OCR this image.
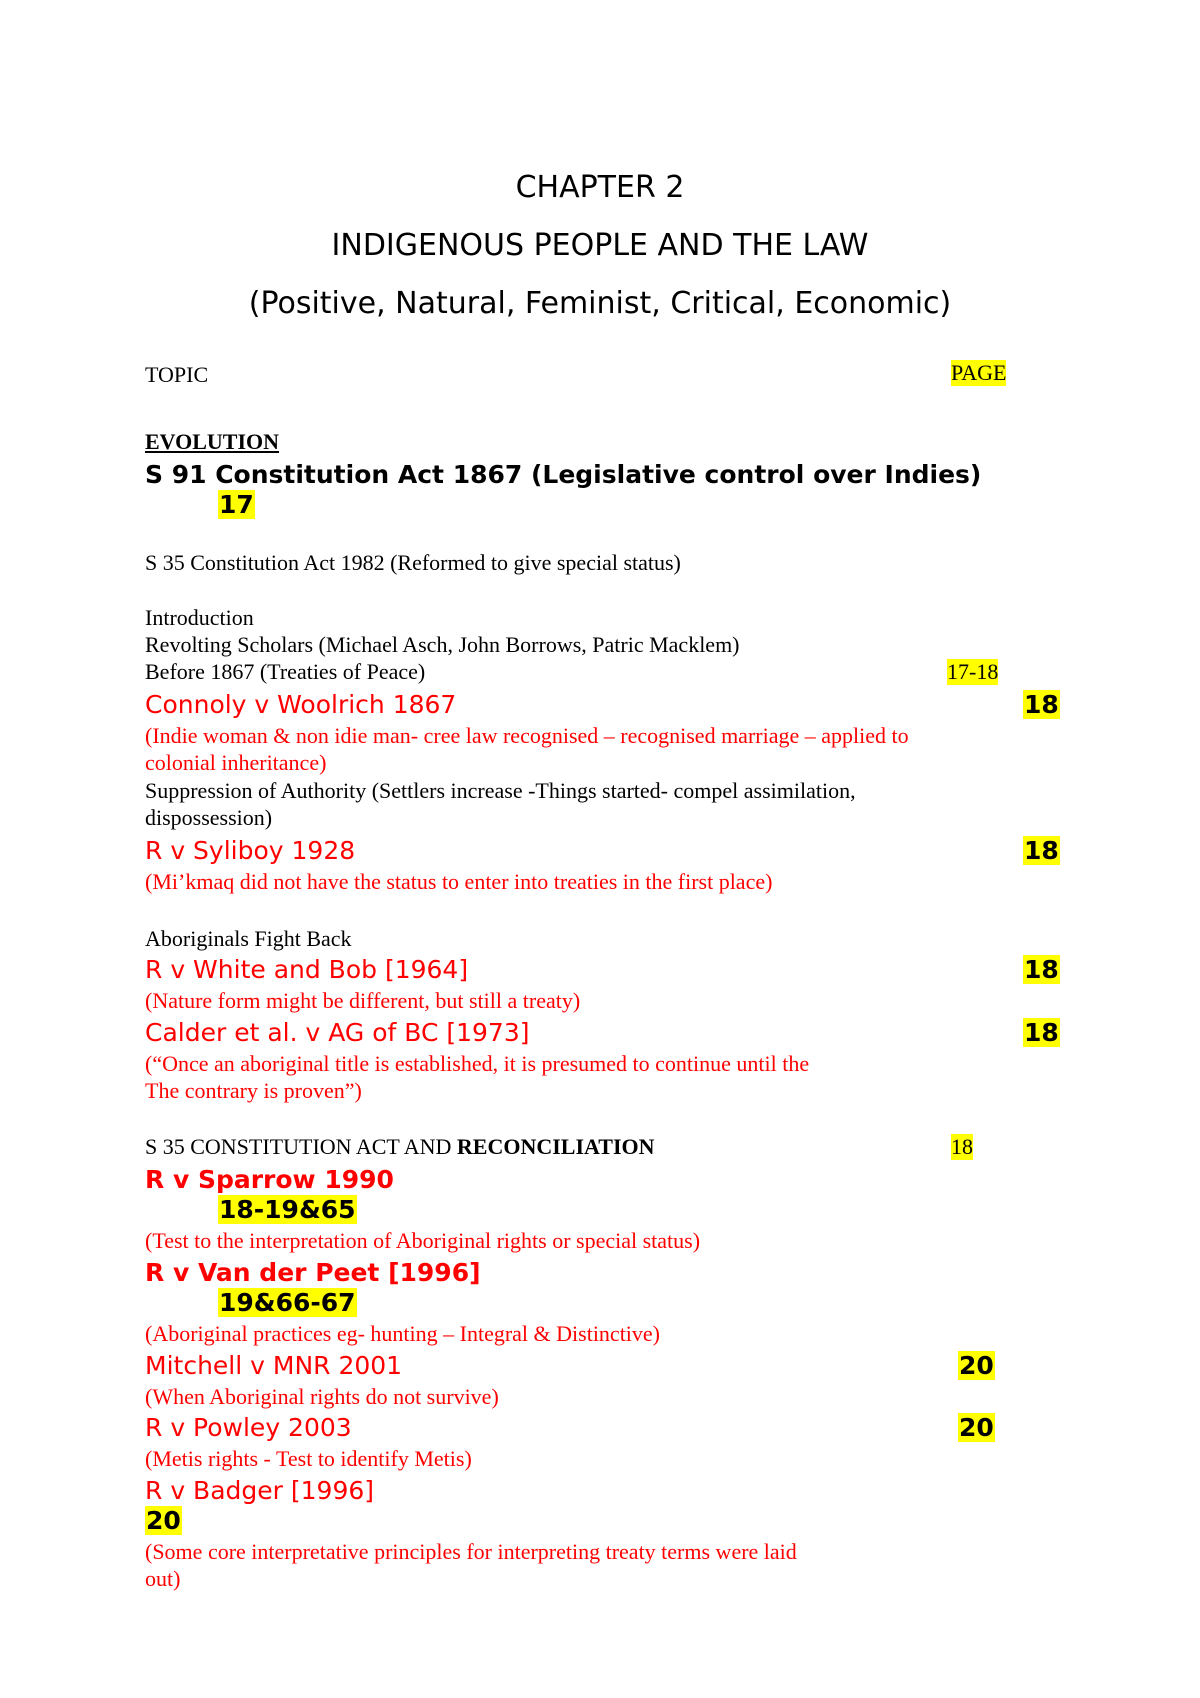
CHAPTER 2
INDIGENOUS PEOPLE AND THE LAW
(Positive, Natural, Feminist, Critical, Economic)
TOPIC	PAGE
EVOLUTION
S 91 Constitution Act 1867 (Legislative control over Indies)
17
S 35 Constitution Act 1982 (Reformed to give special status)
Introduction
Revolting Scholars (Michael Asch, John Borrows, Patric Macklem)
Before 1867 (Treaties of Peace)	17-18
Connoly v Woolrich 1867	18
(Indie woman & non idie man- cree law recognised – recognised marriage – applied to
colonial inheritance)
Suppression of Authority (Settlers increase -Things started- compel assimilation,
dispossession)
R v Syliboy 1928	18
(Mi’kmaq did not have the status to enter into treaties in the first place)
Aboriginals Fight Back
R v White and Bob [1964]	18
(Nature form might be different, but still a treaty)
Calder et al. v AG of BC [1973]	18
(“Once an aboriginal title is established, it is presumed to continue until the
The contrary is proven”)
S 35 CONSTITUTION ACT AND RECONCILIATION	18
R v Sparrow 1990
18-19&65
(Test to the interpretation of Aboriginal rights or special status)
R v Van der Peet [1996]
19&66-67
(Aboriginal practices eg- hunting – Integral & Distinctive)
Mitchell v MNR 2001	20
(When Aboriginal rights do not survive)
R v Powley 2003	20
(Metis rights - Test to identify Metis)
R v Badger [1996]
20
(Some core interpretative principles for interpreting treaty terms were laid
out)
